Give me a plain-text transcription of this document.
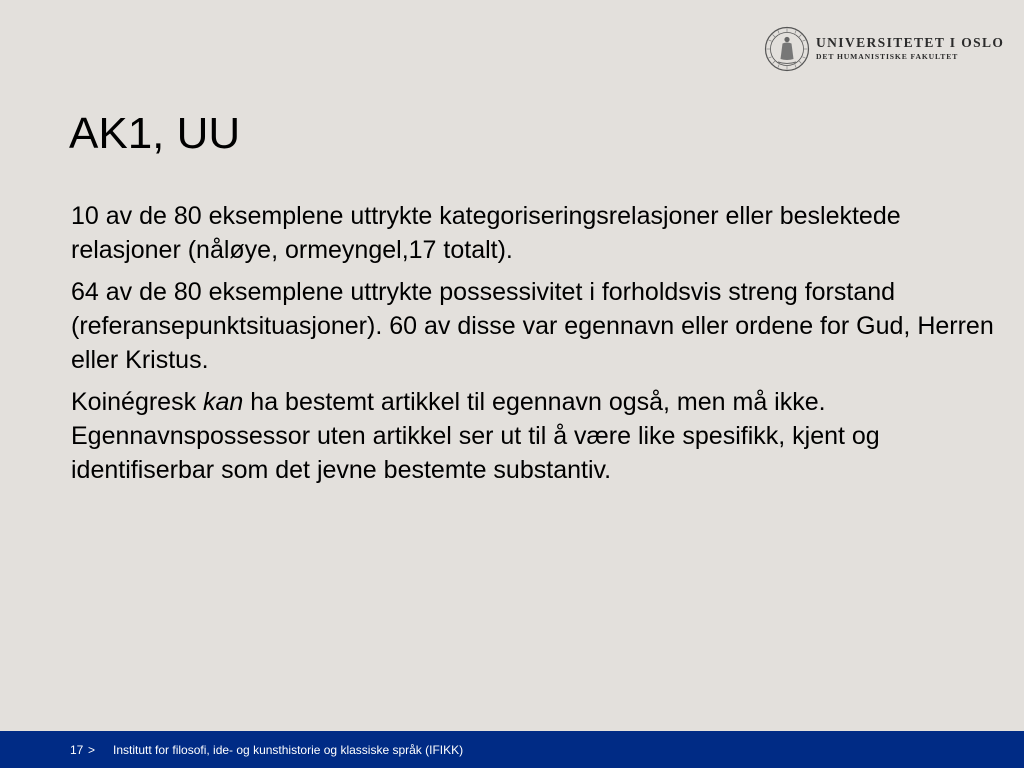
UNIVERSITETET I OSLO
DET HUMANISTISKE FAKULTET
AK1, UU

10 av de 80 eksemplene uttrykte kategoriseringsrelasjoner eller beslektede relasjoner (nåløye, ormeyngel,17 totalt).

64 av de 80 eksemplene uttrykte possessivitet i forholdsvis streng forstand (referansepunktsituasjoner). 60 av disse var egennavn eller ordene for Gud, Herren eller Kristus.

Koinégresk kan ha bestemt artikkel til egennavn også, men må ikke. Egennavnspossessor uten artikkel ser ut til å være like spesifikk, kjent og identifiserbar som det jevne bestemte substantiv.

17 > Institutt for filosofi, ide- og kunsthistorie og klassiske språk (IFIKK)
